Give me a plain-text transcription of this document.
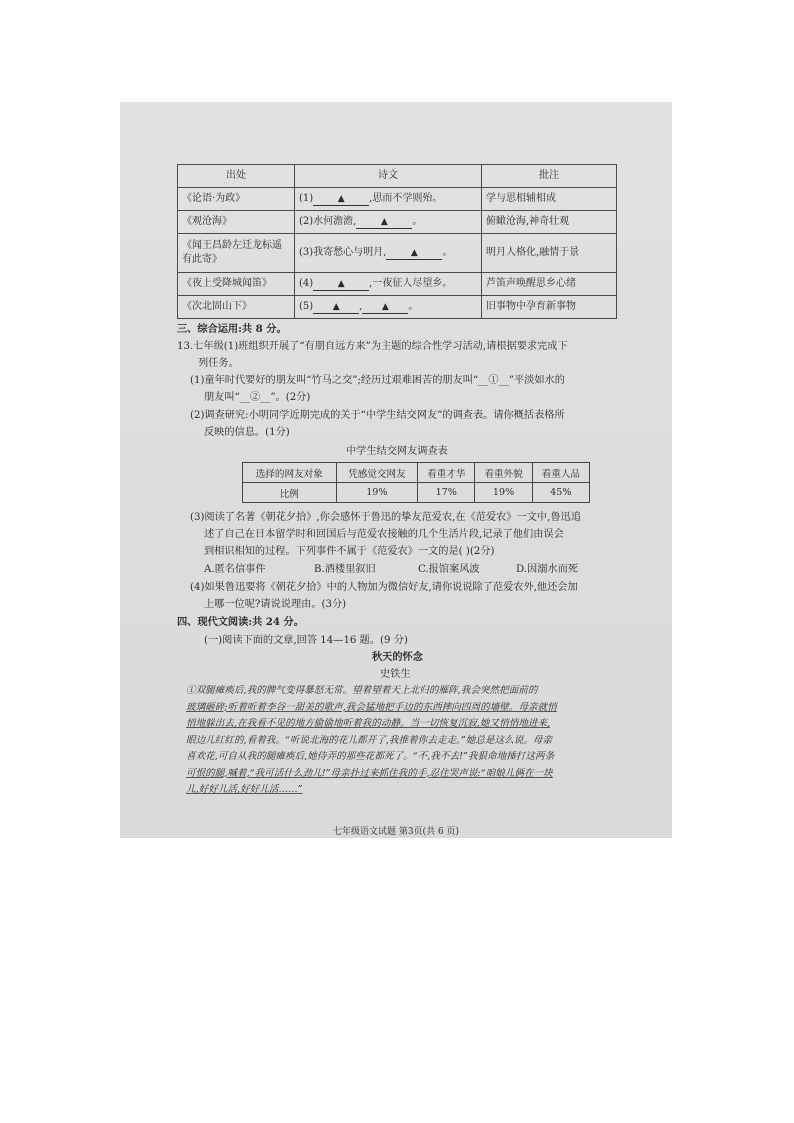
出处	诗文	批注
《论语·为政》	(1) ▲ ,思而不学则殆。	学与思相辅相成
《观沧海》	(2)水何澹澹, ▲ 。	俯瞰沧海,神奇壮观
《闻王昌龄左迁龙标遥有此寄》	(3)我寄愁心与明月, ▲ 。	明月人格化,融情于景
《夜上受降城闻笛》	(4) ▲ ,一夜征人尽望乡。	芦笛声唤醒思乡心绪
《次北固山下》	(5) ▲ , ▲ 。	旧事物中孕育新事物
三、综合运用:共 8 分。
13.七年级(1)班组织开展了“有朋自远方来”为主题的综合性学习活动,请根据要求完成下
列任务。
(1)童年时代要好的朋友叫“竹马之交”;经历过艰难困苦的朋友叫“__①__”平淡如水的
朋友叫“__②__”。(2分)
(2)调查研究:小明同学近期完成的关于“中学生结交网友”的调查表。请你概括表格所
反映的信息。(1分)
中学生结交网友调查表
选择的网友对象	凭感觉交网友	看重才华	看重外貌	看重人品
比例	19%	17%	19%	45%
(3)阅读了名著《朝花夕拾》,你会感怀于鲁迅的挚友范爱农,在《范爱农》一文中,鲁迅追
述了自己在日本留学时和回国后与范爱农接触的几个生活片段,记录了他们由误会
到相识相知的过程。下列事件不属于《范爱农》一文的是( )(2分)
A.匿名信事件	B.酒楼里叙旧	C.报馆案风波	D.因溺水而死
(4)如果鲁迅要将《朝花夕拾》中的人物加为微信好友,请你说说除了范爱农外,他还会加
上哪一位呢?请说说理由。(3分)
四、现代文阅读:共 24 分。
(一)阅读下面的文章,回答 14—16 题。(9 分)
秋天的怀念
史铁生
①双腿瘫痪后,我的脾气变得暴怒无常。望着望着天上北归的雁阵,我会突然把面前的
玻璃砸碎;听着听着李谷一甜美的歌声,我会猛地把手边的东西摔向四周的墙壁。母亲就悄
悄地躲出去,在我看不见的地方偷偷地听着我的动静。当一切恢复沉寂,她又悄悄地进来,
眼边儿红红的,看着我。“听说北海的花儿都开了,我推着你去走走。”她总是这么说。母亲
喜欢花,可自从我的腿瘫痪后,她侍弄的那些花都死了。“不,我不去!”我狠命地捶打这两条
可恨的腿,喊着,“我可活什么劲儿!”母亲扑过来抓住我的手,忍住哭声说:“咱娘儿俩在一块
儿,好好儿活,好好儿活……”
七年级语文试题 第3页(共 6 页)
